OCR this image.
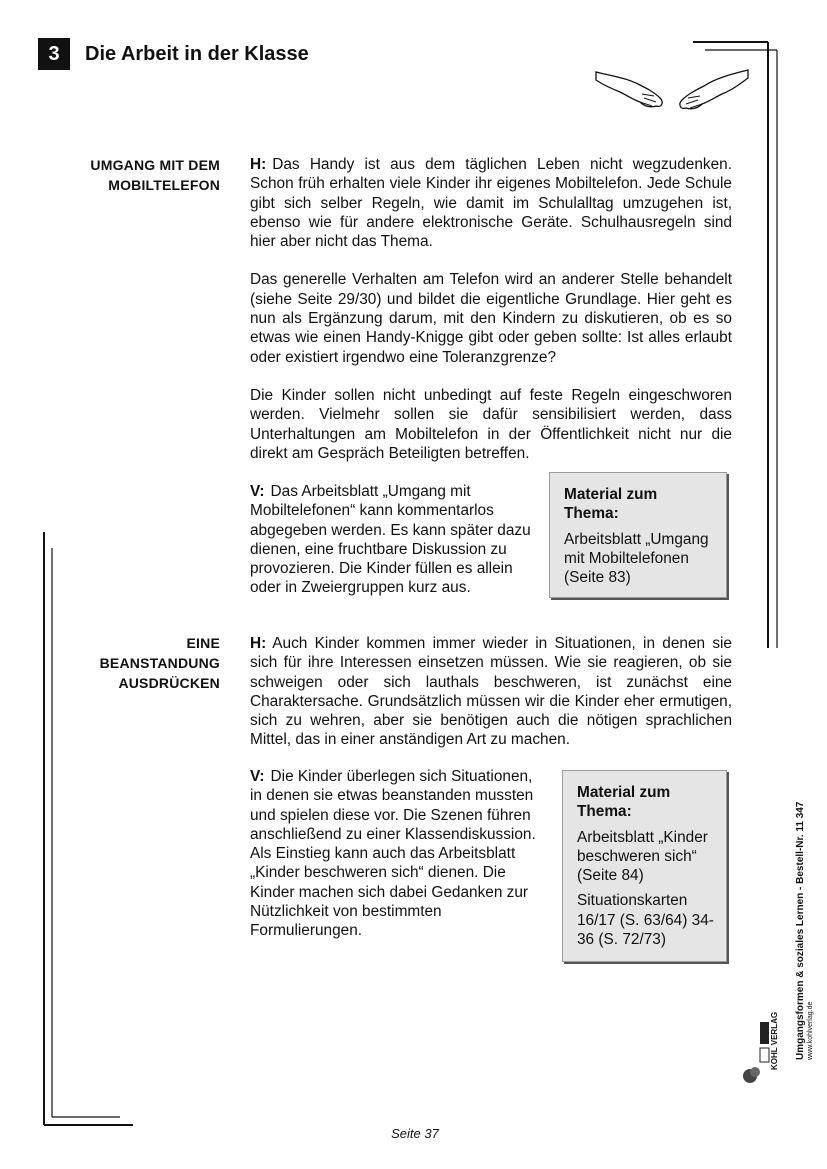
3	Die Arbeit in der Klasse
UMGANG MIT DEM
MOBILTELEFON

H: Das Handy ist aus dem täglichen Leben nicht wegzudenken. Schon früh erhalten viele Kinder ihr eigenes Mobiltelefon. Jede Schule gibt sich selber Regeln, wie damit im Schulalltag umzugehen ist, ebenso wie für andere elektronische Geräte. Schulhausregeln sind hier aber nicht das Thema.

Das generelle Verhalten am Telefon wird an anderer Stelle behandelt (siehe Seite 29/30) und bildet die eigentliche Grundlage. Hier geht es nun als Ergänzung darum, mit den Kindern zu diskutieren, ob es so etwas wie einen Handy-Knigge gibt oder geben sollte: Ist alles erlaubt oder existiert irgendwo eine Toleranzgrenze?

Die Kinder sollen nicht unbedingt auf feste Regeln eingeschworen werden. Vielmehr sollen sie dafür sensibilisiert werden, dass Unterhaltungen am Mobiltelefon in der Öffentlichkeit nicht nur die direkt am Gespräch Beteiligten betreffen.

V: Das Arbeitsblatt „Umgang mit Mobiltelefonen“ kann kommentarlos abgegeben werden. Es kann später dazu dienen, eine fruchtbare Diskussion zu provozieren. Die Kinder füllen es allein oder in Zweiergruppen kurz aus.

Material zum Thema:

Arbeitsblatt „Umgang mit Mobiltelefonen (Seite 83)

EINE
BEANSTANDUNG
AUSDRÜCKEN

H: Auch Kinder kommen immer wieder in Situationen, in denen sie sich für ihre Interessen einsetzen müssen. Wie sie reagieren, ob sie schweigen oder sich lauthals beschweren, ist zunächst eine Charaktersache. Grundsätzlich müssen wir die Kinder eher ermutigen, sich zu wehren, aber sie benötigen auch die nötigen sprachlichen Mittel, das in einer anständigen Art zu machen.

V: Die Kinder überlegen sich Situationen, in denen sie etwas beanstanden mussten und spielen diese vor. Die Szenen führen anschließend zu einer Klassendiskussion. Als Einstieg kann auch das Arbeitsblatt „Kinder beschweren sich“ dienen. Die Kinder machen sich dabei Gedanken zur Nützlichkeit von bestimmten Formulierungen.

Material zum Thema:

Arbeitsblatt „Kinder beschweren sich“ (Seite 84)

Situationskarten 16/17 (S. 63/64) 34-36 (S. 72/73)	Umgangsformen & soziales Lernen - Bestell-Nr. 11 347 www.kohlverlag.de
KOHL VERLAG
Seite 37
